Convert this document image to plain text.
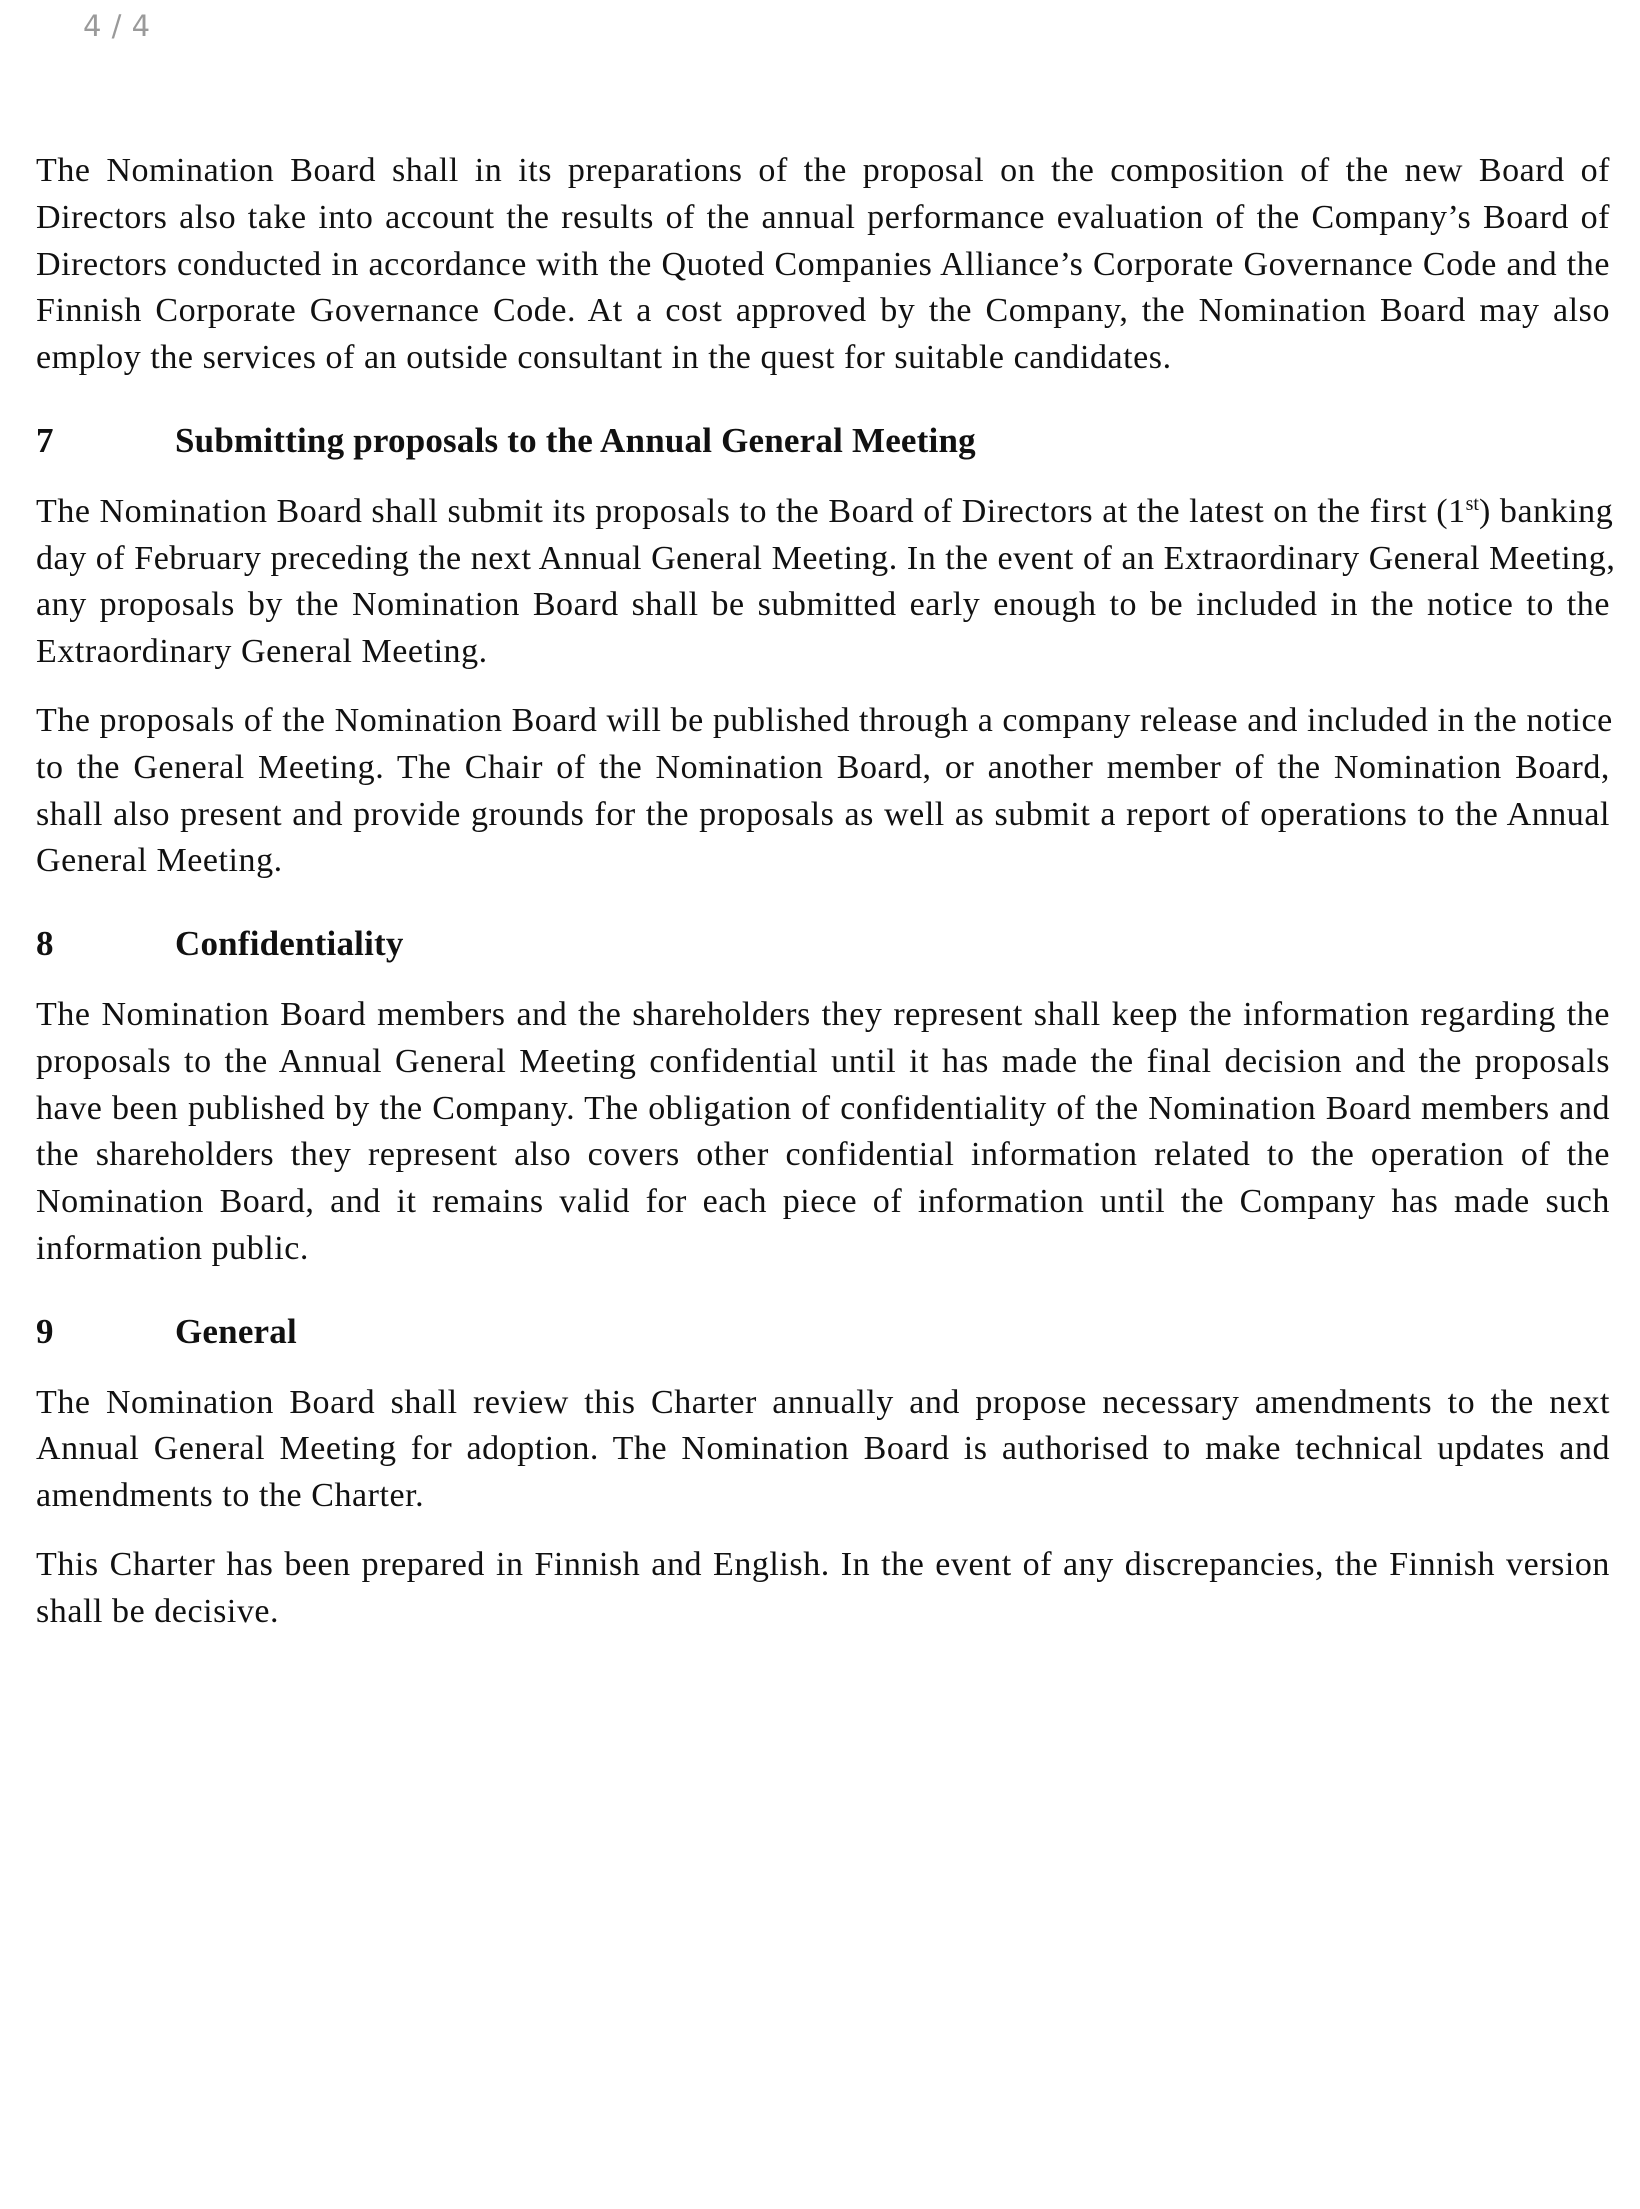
4 / 4
The Nomination Board shall in its preparations of the proposal on the composition of the new Board of
Directors also take into account the results of the annual performance evaluation of the Company’s Board of
Directors conducted in accordance with the Quoted Companies Alliance’s Corporate Governance Code and the
Finnish Corporate Governance Code. At a cost approved by the Company, the Nomination Board may also
employ the services of an outside consultant in the quest for suitable candidates.
7	Submitting proposals to the Annual General Meeting
The Nomination Board shall submit its proposals to the Board of Directors at the latest on the first (1st) banking
day of February preceding the next Annual General Meeting. In the event of an Extraordinary General Meeting,
any proposals by the Nomination Board shall be submitted early enough to be included in the notice to the
Extraordinary General Meeting.
The proposals of the Nomination Board will be published through a company release and included in the notice
to the General Meeting. The Chair of the Nomination Board, or another member of the Nomination Board,
shall also present and provide grounds for the proposals as well as submit a report of operations to the Annual
General Meeting.
8	Confidentiality
The Nomination Board members and the shareholders they represent shall keep the information regarding the
proposals to the Annual General Meeting confidential until it has made the final decision and the proposals
have been published by the Company. The obligation of confidentiality of the Nomination Board members and
the shareholders they represent also covers other confidential information related to the operation of the
Nomination Board, and it remains valid for each piece of information until the Company has made such
information public.
9	General
The Nomination Board shall review this Charter annually and propose necessary amendments to the next
Annual General Meeting for adoption. The Nomination Board is authorised to make technical updates and
amendments to the Charter.
This Charter has been prepared in Finnish and English. In the event of any discrepancies, the Finnish version
shall be decisive.
